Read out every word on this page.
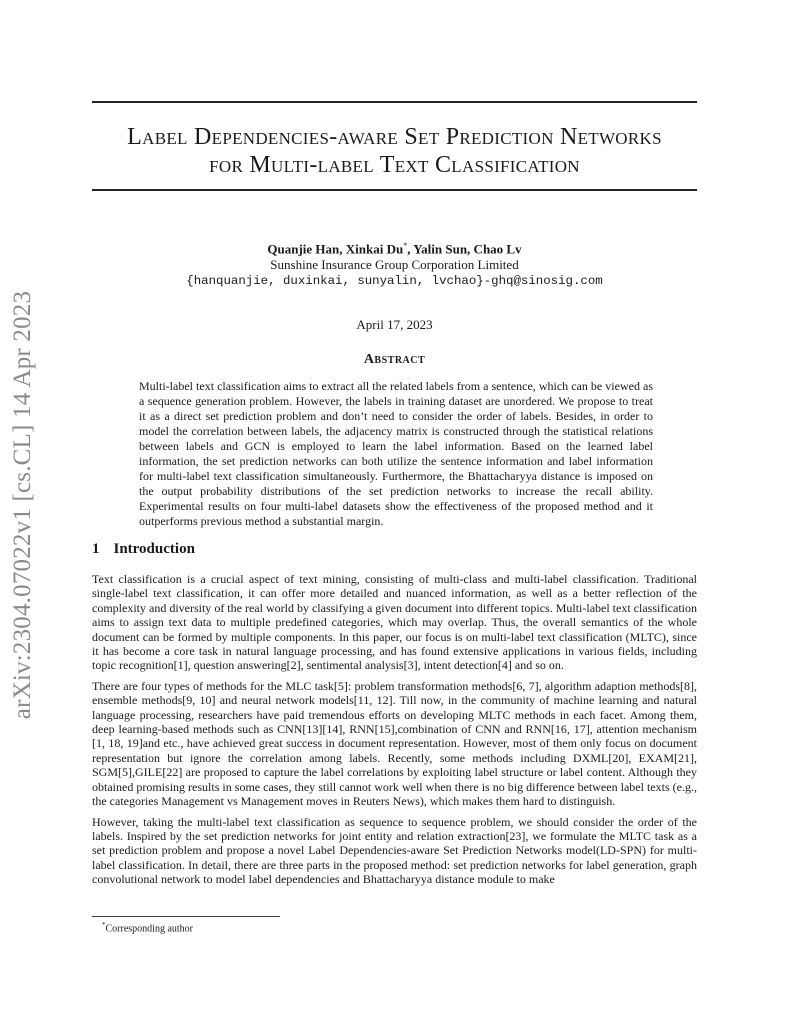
arXiv:2304.07022v1 [cs.CL] 14 Apr 2023
Label Dependencies-aware Set Prediction Networks
for Multi-label Text Classification
Quanjie Han, Xinkai Du*, Yalin Sun, Chao Lv
Sunshine Insurance Group Corporation Limited
{hanquanjie, duxinkai, sunyalin, lvchao}-ghq@sinosig.com
April 17, 2023
Abstract
Multi-label text classification aims to extract all the related labels from a sentence, which can be viewed as a sequence generation problem. However, the labels in training dataset are unordered. We propose to treat it as a direct set prediction problem and don’t need to consider the order of labels. Besides, in order to model the correlation between labels, the adjacency matrix is constructed through the statistical relations between labels and GCN is employed to learn the label information. Based on the learned label information, the set prediction networks can both utilize the sentence information and label information for multi-label text classification simultaneously. Furthermore, the Bhattacharyya distance is imposed on the output probability distributions of the set prediction networks to increase the recall ability. Experimental results on four multi-label datasets show the effectiveness of the proposed method and it outperforms previous method a substantial margin.
1 Introduction

Text classification is a crucial aspect of text mining, consisting of multi-class and multi-label classification. Traditional single-label text classification, it can offer more detailed and nuanced information, as well as a better reflection of the complexity and diversity of the real world by classifying a given document into different topics. Multi-label text classification aims to assign text data to multiple predefined categories, which may overlap. Thus, the overall semantics of the whole document can be formed by multiple components. In this paper, our focus is on multi-label text classification (MLTC), since it has become a core task in natural language processing, and has found extensive applications in various fields, including topic recognition[1], question answering[2], sentimental analysis[3], intent detection[4] and so on.

There are four types of methods for the MLC task[5]: problem transformation methods[6, 7], algorithm adaption methods[8], ensemble methods[9, 10] and neural network models[11, 12]. Till now, in the community of machine learning and natural language processing, researchers have paid tremendous efforts on developing MLTC methods in each facet. Among them, deep learning-based methods such as CNN[13][14], RNN[15],combination of CNN and RNN[16, 17], attention mechanism [1, 18, 19]and etc., have achieved great success in document representation. However, most of them only focus on document representation but ignore the correlation among labels. Recently, some methods including DXML[20], EXAM[21], SGM[5],GILE[22] are proposed to capture the label correlations by exploiting label structure or label content. Although they obtained promising results in some cases, they still cannot work well when there is no big difference between label texts (e.g., the categories Management vs Management moves in Reuters News), which makes them hard to distinguish.

However, taking the multi-label text classification as sequence to sequence problem, we should consider the order of the labels. Inspired by the set prediction networks for joint entity and relation extraction[23], we formulate the MLTC task as a set prediction problem and propose a novel Label Dependencies-aware Set Prediction Networks model(LD-SPN) for multi-label classification. In detail, there are three parts in the proposed method: set prediction networks for label generation, graph convolutional network to model label dependencies and Bhattacharyya distance module to make

*Corresponding author
